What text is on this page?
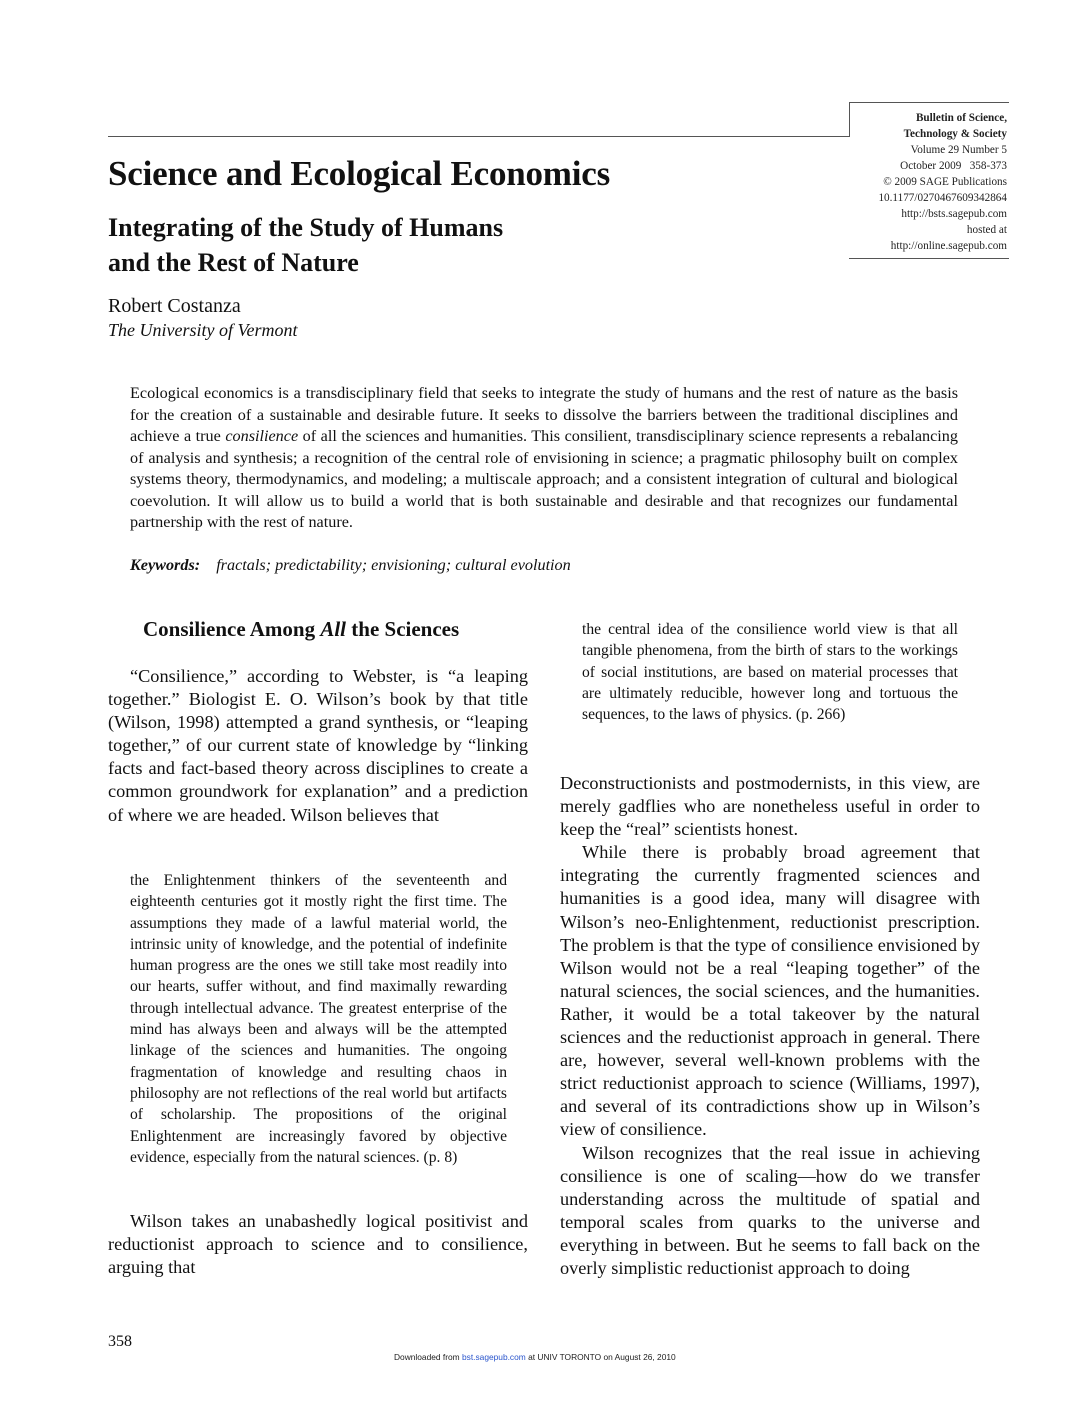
Bulletin of Science,
Technology & Society
Volume 29 Number 5
October 2009   358-373
© 2009 SAGE Publications
10.1177/0270467609342864
http://bsts.sagepub.com
hosted at
http://online.sagepub.com
Science and Ecological Economics
Integrating of the Study of Humans
and the Rest of Nature
Robert Costanza
The University of Vermont
Ecological economics is a transdisciplinary field that seeks to integrate the study of humans and the rest of nature as the basis for the creation of a sustainable and desirable future. It seeks to dissolve the barriers between the traditional disciplines and achieve a true consilience of all the sciences and humanities. This consilient, transdisciplinary science represents a rebalancing of analysis and synthesis; a recognition of the central role of envisioning in science; a pragmatic philosophy built on complex systems theory, thermodynamics, and modeling; a multiscale approach; and a consistent integration of cultural and biological coevolution. It will allow us to build a world that is both sustainable and desirable and that recognizes our fundamental partnership with the rest of nature.
Keywords: fractals; predictability; envisioning; cultural evolution
Consilience Among All the Sciences

“Consilience,” according to Webster, is “a leaping together.” Biologist E. O. Wilson’s book by that title (Wilson, 1998) attempted a grand synthesis, or “leaping together,” of our current state of knowledge by “linking facts and fact-based theory across disciplines to create a common groundwork for explanation” and a prediction of where we are headed. Wilson believes that

the Enlightenment thinkers of the seventeenth and eighteenth centuries got it mostly right the first time. The assumptions they made of a lawful material world, the intrinsic unity of knowledge, and the potential of indefinite human progress are the ones we still take most readily into our hearts, suffer without, and find maximally rewarding through intellectual advance. The greatest enterprise of the mind has always been and always will be the attempted linkage of the sciences and humanities. The ongoing fragmentation of knowledge and resulting chaos in philosophy are not reflections of the real world but artifacts of scholarship. The propositions of the original Enlightenment are increasingly favored by objective evidence, especially from the natural sciences. (p. 8)

Wilson takes an unabashedly logical positivist and reductionist approach to science and to consilience, arguing that

the central idea of the consilience world view is that all tangible phenomena, from the birth of stars to the workings of social institutions, are based on material processes that are ultimately reducible, however long and tortuous the sequences, to the laws of physics. (p. 266)

Deconstructionists and postmodernists, in this view, are merely gadflies who are nonetheless useful in order to keep the “real” scientists honest.

While there is probably broad agreement that integrating the currently fragmented sciences and humanities is a good idea, many will disagree with Wilson’s neo-Enlightenment, reductionist prescription. The problem is that the type of consilience envisioned by Wilson would not be a real “leaping together” of the natural sciences, the social sciences, and the humanities. Rather, it would be a total takeover by the natural sciences and the reductionist approach in general. There are, however, several well-known problems with the strict reductionist approach to science (Williams, 1997), and several of its contradictions show up in Wilson’s view of consilience.

Wilson recognizes that the real issue in achieving consilience is one of scaling—how do we transfer understanding across the multitude of spatial and temporal scales from quarks to the universe and everything in between. But he seems to fall back on the overly simplistic reductionist approach to doing

358
Downloaded from bst.sagepub.com at UNIV TORONTO on August 26, 2010
